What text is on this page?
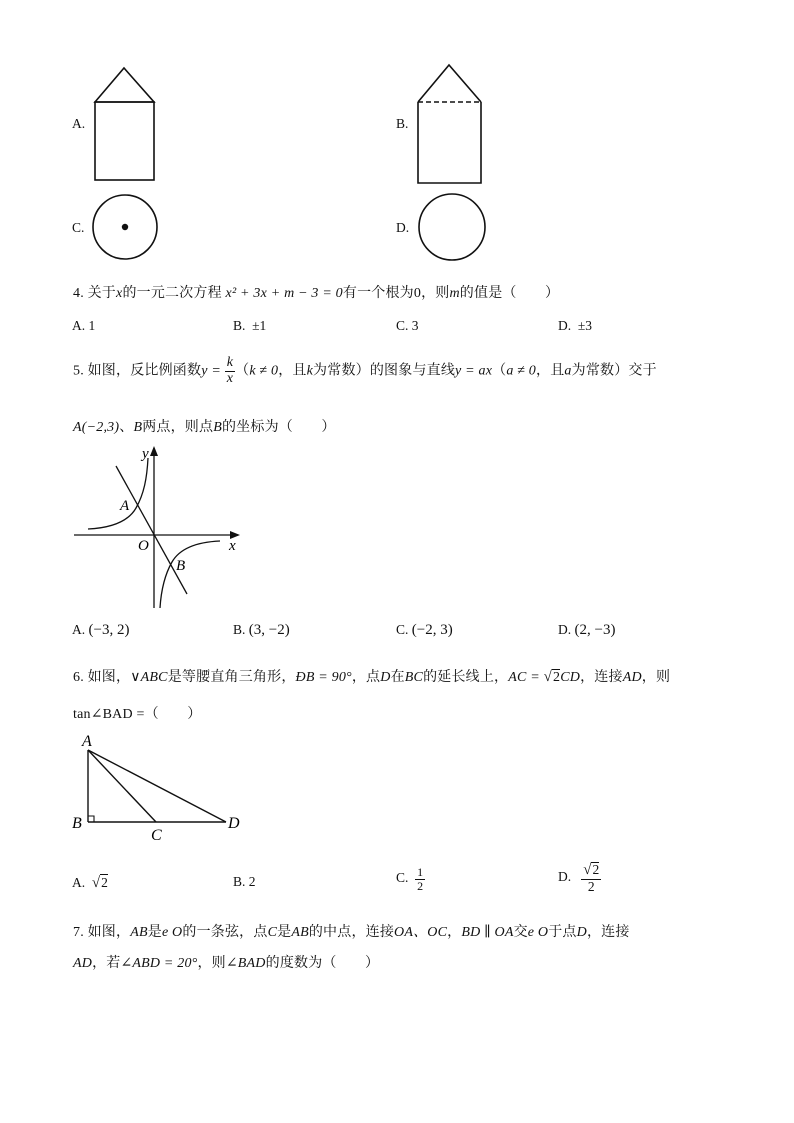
A.	B.
C.	D.
4. 关于x的一元二次方程 x² + 3x + m − 3 = 0有一个根为0，则m的值是（　　）
A. 1	B. ±1	C. 3	D. ±3
5. 如图，反比例函数$y = \frac{k}{x} (k \ne 0$，且k为常数）的图象与直线y = ax（a ≠ 0，且a为常数）交于
A(−2,3)、B两点，则点B的坐标为（　　）
y
x
O
A
B
A. (−3, 2)	B. (3, −2)	C. (−2, 3)	D. (2, −3)
6. 如图，∨ABC是等腰直角三角形，ÐB = 90°，点D在BC的延长线上，AC = √2CD，连接AD，则
tan∠BAD =（　　）
A
B
C
D
A. √2	B. 2	C. $\frac{1}{2}$	D. $\frac{√2}{2}$
7. 如图，AB是e O的一条弦，点C是AB的中点，连接OA、OC，BD ∥ OA交e O于点D，连接
AD，若∠ABD = 20°，则∠BAD的度数为（　　）
